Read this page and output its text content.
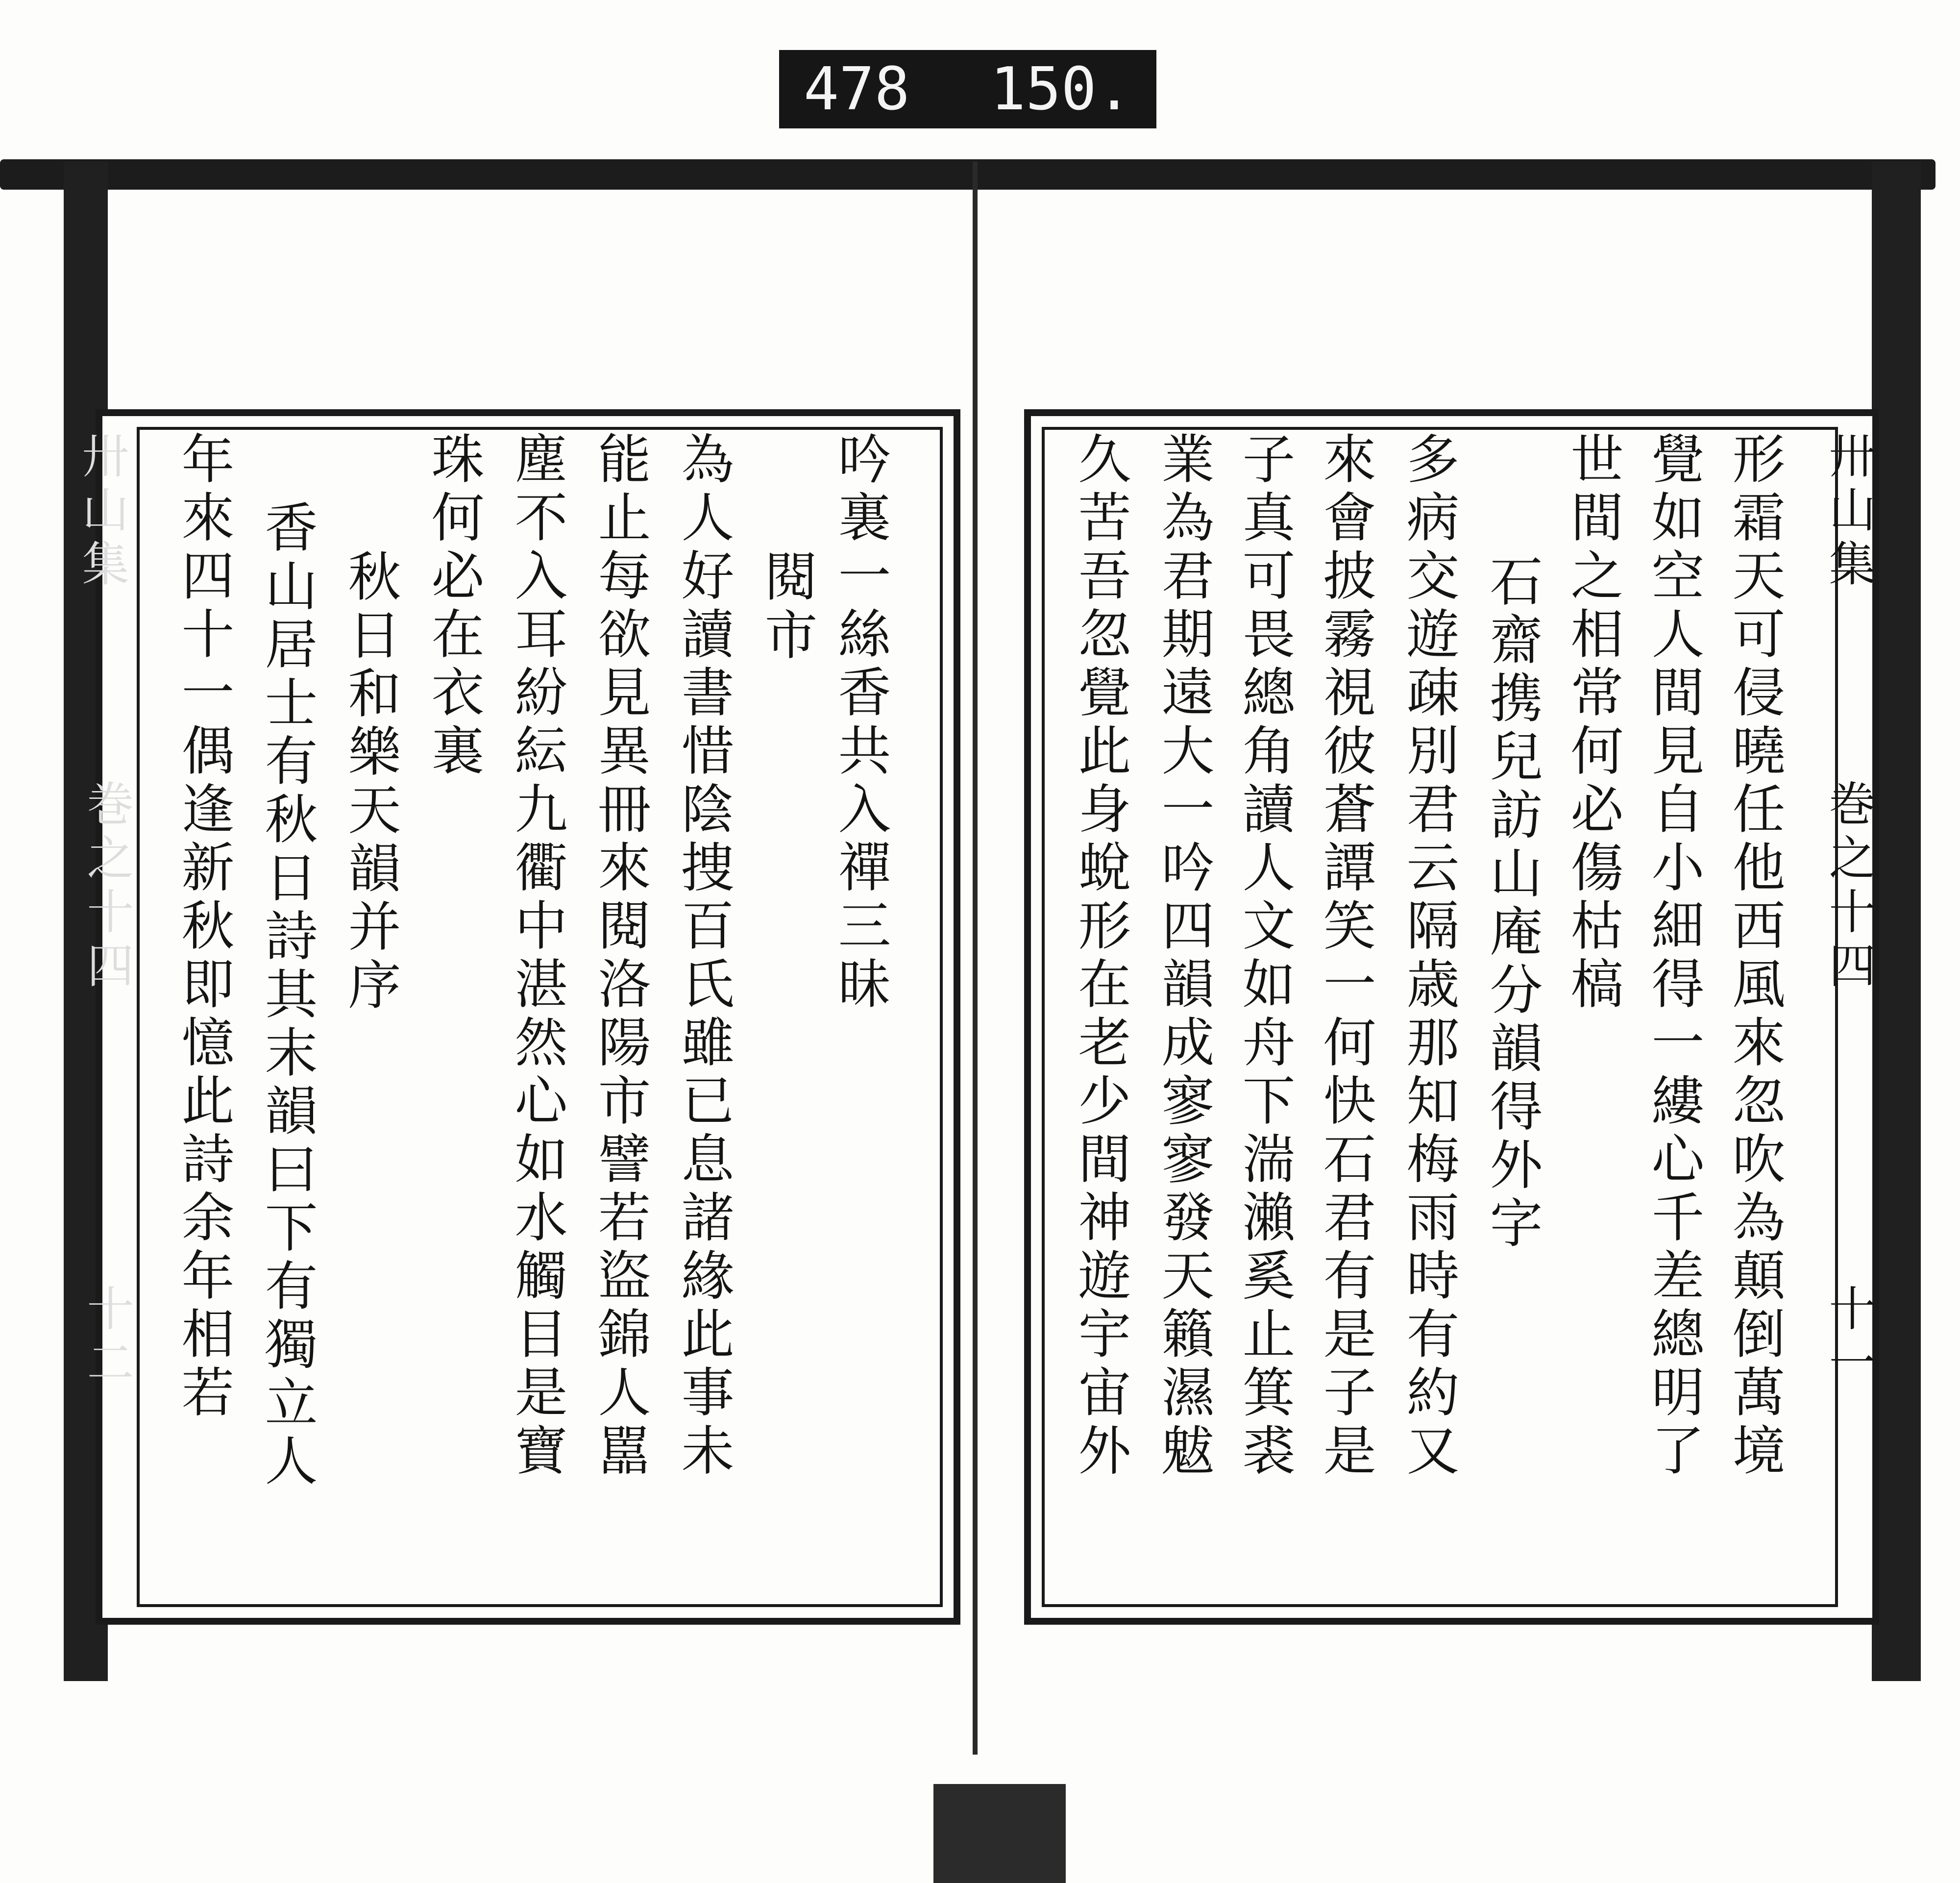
478 150.
卅山集
巻之十四
十二
吟裏一絲香共入禪三昧
閱市
為人好讀書惜陰捜百氏雖已息諸緣此事未
能止每欲見異冊來閱洛陽市譬若盜錦人嚚
塵不入耳紛紜九衢中湛然心如水觸目是寶
珠何必在衣裏
秋日和樂天韻并序
香山居士有秋日詩其末韻曰下有獨立人
年來四十一偶逢新秋即憶此詩余年相若	卅山集
巻之十四
十一
形霜天可侵曉任他西風來忽吹為顛倒萬境
覺如空人間見自小細得一縷心千差總明了
世間之相常何必傷枯槁
石齋携兒訪山庵分韻得外字
多病交遊疎別君云隔歳那知梅雨時有約又
來會披霧視彼蒼譚笑一何快石君有是子是
子真可畏總角讀人文如舟下湍瀨奚止箕裘
業為君期遠大一吟四韻成寥寥發天籟濕魃
久苦吾忽覺此身蛻形在老少間神遊宇宙外
